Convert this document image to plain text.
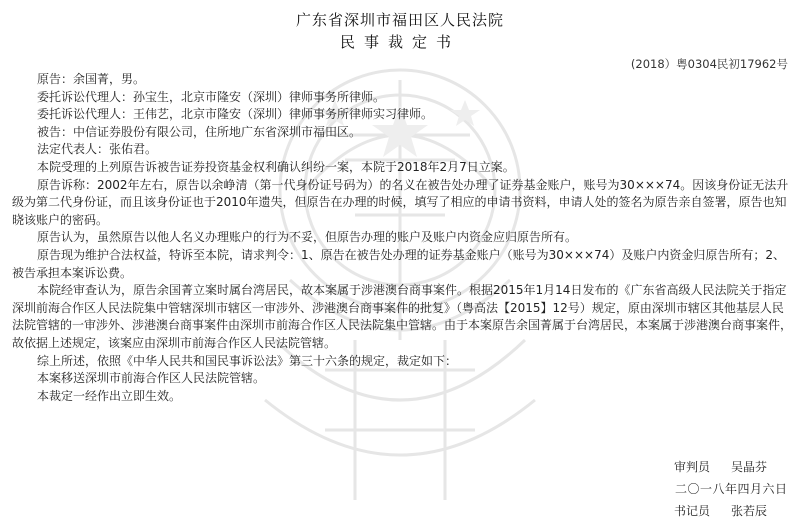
广东省深圳市福田区人民法院
民事裁定书
(2018）粤0304民初17962号

原告：余国菁，男。

委托诉讼代理人：孙宝生，北京市隆安（深圳）律师事务所律师。

委托诉讼代理人：王伟艺，北京市隆安（深圳）律师事务所律师实习律师。

被告：中信证券股份有限公司，住所地广东省深圳市福田区。

法定代表人：张佑君。

本院受理的上列原告诉被告证券投资基金权利确认纠纷一案，本院于2018年2月7日立案。

原告诉称：2002年左右，原告以余峥清（第一代身份证号码为）的名义在被告处办理了证券基金账户，账号为30×××74。因该身份证无法升级为第二代身份证，而且该身份证也于2010年遗失，但原告在办理的时候，填写了相应的申请书资料，申请人处的签名为原告亲自签署，原告也知晓该账户的密码。

原告认为，虽然原告以他人名义办理账户的行为不妥，但原告办理的账户及账户内资金应归原告所有。

原告现为维护合法权益，特诉至本院，请求判令：1、原告在被告处办理的证券基金账户（账号为30×××74）及账户内资金归原告所有；2、被告承担本案诉讼费。

本院经审查认为，原告余国菁立案时属台湾居民，故本案属于涉港澳台商事案件。根据2015年1月14日发布的《广东省高级人民法院关于指定深圳前海合作区人民法院集中管辖深圳市辖区一审涉外、涉港澳台商事案件的批复》（粤高法【2015】12号）规定，原由深圳市辖区其他基层人民法院管辖的一审涉外、涉港澳台商事案件由深圳市前海合作区人民法院集中管辖。由于本案原告余国菁属于台湾居民，本案属于涉港澳台商事案件，故依据上述规定，该案应由深圳市前海合作区人民法院管辖。

综上所述，依照《中华人民共和国民事诉讼法》第三十六条的规定，裁定如下：

本案移送深圳市前海合作区人民法院管辖。

本裁定一经作出立即生效。

审判员 吴晶芬
二〇一八年四月六日
书记员 张若辰
